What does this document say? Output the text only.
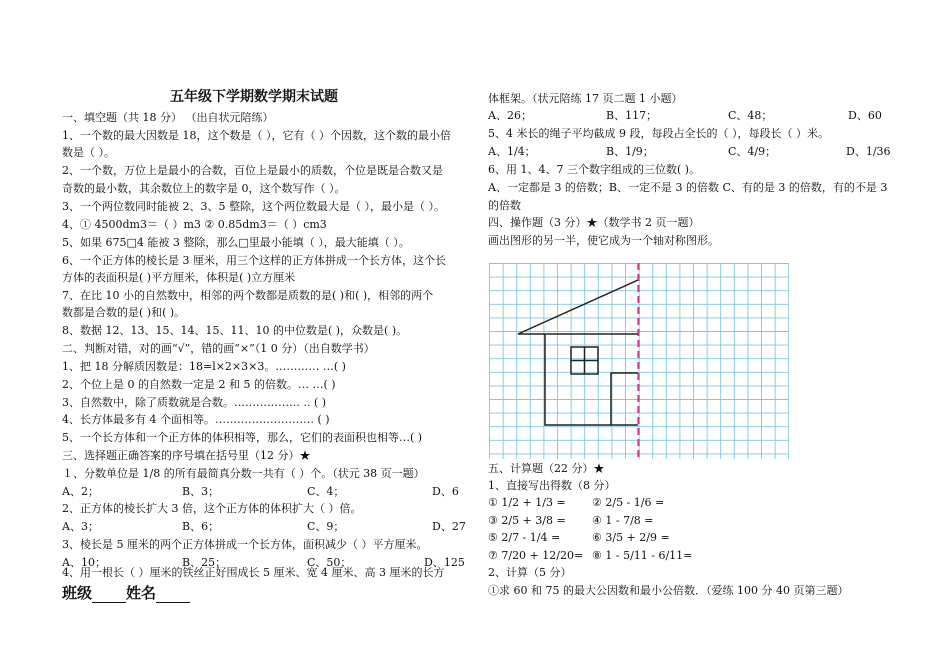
五年级下学期数学期末试题
一、填空题（共 18 分） （出自状元陪练）
1、一个数的最大因数是 18，这个数是（ ），它有（ ）个因数，这个数的最小倍
数是（ ）。
2、一个数，万位上是最小的合数，百位上是最小的质数，个位是既是合数又是
奇数的最小数，其余数位上的数字是 0，这个数写作（ ）。
3、一个两位数同时能被 2、3、5 整除，这个两位数最大是（ ），最小是（ ）。
4、① 4500dm3＝（ ）m3 ② 0.85dm3＝（ ）cm3
5、如果 675□4 能被 3 整除，那么□里最小能填（ ），最大能填（ ）。
6、一个正方体的棱长是 3 厘米，用三个这样的正方体拼成一个长方体，这个长
方体的表面积是( )平方厘米，体积是( )立方厘米
7、在比 10 小的自然数中，相邻的两个数都是质数的是( )和( )，相邻的两个
数都是合数的是( )和( )。
8、数据 12、13、15、14、15、11、10 的中位数是( )，众数是( )。
二、判断对错，对的画“√”，错的画“×”（1 0 分）（出自数学书）
1、把 18 分解质因数是：18=l×2×3×3。………… …( )
2、个位上是 0 的自然数一定是 2 和 5 的倍数。… …( )
3、自然数中，除了质数就是合数。……………… .. ( )
4、长方体最多有 4 个面相等。……………………… ( )
5、一个长方体和一个正方体的体积相等，那么，它们的表面积也相等…( )
三、选择题正确答案的序号填在括号里（12 分）★
１、分数单位是 1/8 的所有最简真分数一共有（ ）个。（状元 38 页一题）
A、2；	B、3；	C、4；	D、6
2、正方体的棱长扩大 3 倍，这个正方体的体积扩大（ ）倍。
A、3；	B、6；	C、9；	D、27
3、棱长是 5 厘米的两个正方体拼成一个长方体，面积减少（ ）平方厘米。
A、10；	B、25；	C、50；	D、125
4、用一根长（ ）厘米的铁丝正好围成长 5 厘米、宽 4 厘米、高 3 厘米的长方
班级 姓名
体框架。（状元陪练 17 页二题 1 小题）
A、26；	B、117；	C、48；	D、60
5、4 米长的绳子平均截成 9 段，每段占全长的（ ），每段长（ ）米。
A、1/4；	B、1/9；	C、4/9；	D、1/36
6、用 1、4、7 三个数字组成的三位数( )。
A、一定都是 3 的倍数；B、一定不是 3 的倍数 C、有的是 3 的倍数，有的不是 3
的倍数
四、操作题（3 分）★（数学书 2 页一题）
画出图形的另一半，使它成为一个轴对称图形。
五、计算题（22 分）★
1、直接写出得数（8 分）
① 1/2 + 1/3 = ② 2/5 - 1/6 =
③ 2/5 + 3/8 = ④ 1 - 7/8 =
⑤ 2/7 - 1/4 =	⑥ 3/5 + 2/9 =
⑦ 7/20 + 12/20= ⑧ 1 - 5/11 - 6/11=
2、计算（5 分）
①求 60 和 75 的最大公因数和最小公倍数．（爱练 100 分 40 页第三题）
